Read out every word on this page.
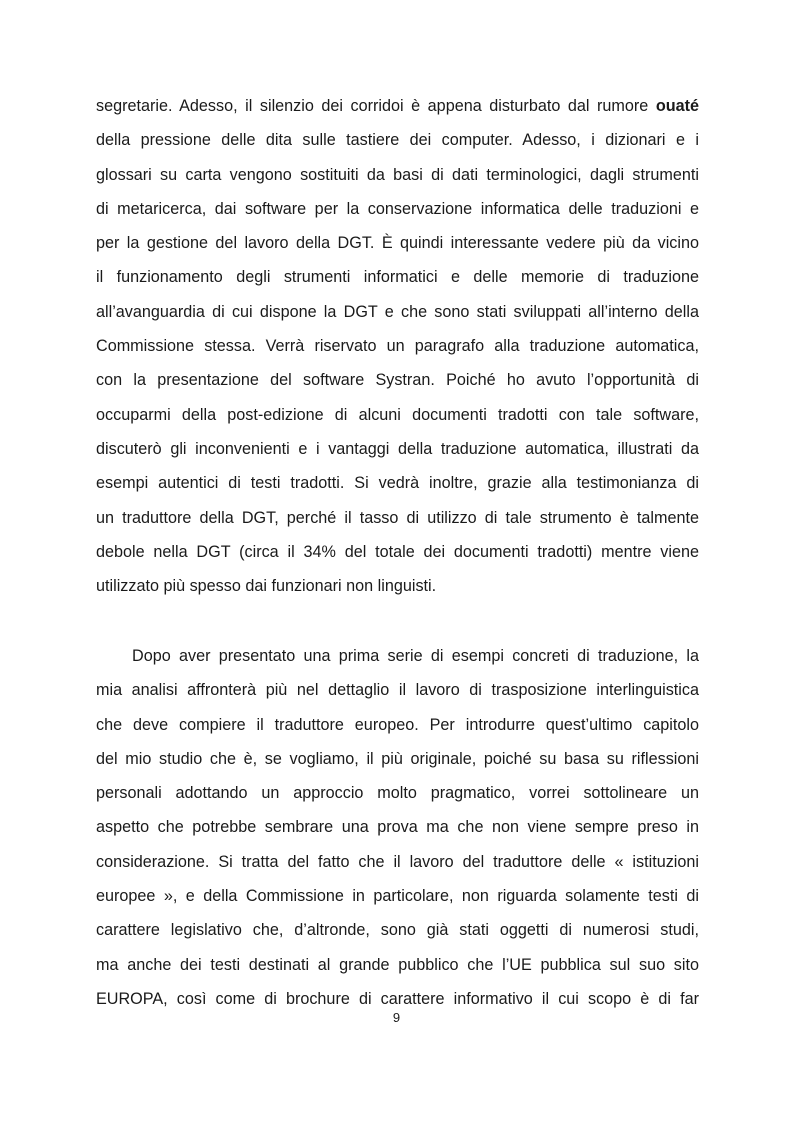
segretarie. Adesso, il silenzio dei corridoi è appena disturbato dal rumore ouaté
della pressione delle dita sulle tastiere dei computer. Adesso, i dizionari e i
glossari su carta vengono sostituiti da basi di dati terminologici, dagli strumenti
di metaricerca, dai software per la conservazione informatica delle traduzioni e
per la gestione del lavoro della DGT. È quindi interessante vedere più da vicino
il funzionamento degli strumenti informatici e delle memorie di traduzione
all’avanguardia di cui dispone la DGT e che sono stati sviluppati all’interno della
Commissione stessa. Verrà riservato un paragrafo alla traduzione automatica,
con la presentazione del software Systran. Poiché ho avuto l’opportunità di
occuparmi della post-edizione di alcuni documenti tradotti con tale software,
discuterò gli inconvenienti e i vantaggi della traduzione automatica, illustrati da
esempi autentici di testi tradotti. Si vedrà inoltre, grazie alla testimonianza di
un traduttore della DGT, perché il tasso di utilizzo di tale strumento è talmente
debole nella DGT (circa il 34% del totale dei documenti tradotti) mentre viene
utilizzato più spesso dai funzionari non linguisti.
Dopo aver presentato una prima serie di esempi concreti di traduzione, la
mia analisi affronterà più nel dettaglio il lavoro di trasposizione interlinguistica
che deve compiere il traduttore europeo. Per introdurre quest’ultimo capitolo
del mio studio che è, se vogliamo, il più originale, poiché su basa su riflessioni
personali adottando un approccio molto pragmatico, vorrei sottolineare un
aspetto che potrebbe sembrare una prova ma che non viene sempre preso in
considerazione. Si tratta del fatto che il lavoro del traduttore delle « istituzioni
europee », e della Commissione in particolare, non riguarda solamente testi di
carattere legislativo che, d’altronde, sono già stati oggetti di numerosi studi,
ma anche dei testi destinati al grande pubblico che l’UE pubblica sul suo sito
EUROPA, così come di brochure di carattere informativo il cui scopo è di far
9
